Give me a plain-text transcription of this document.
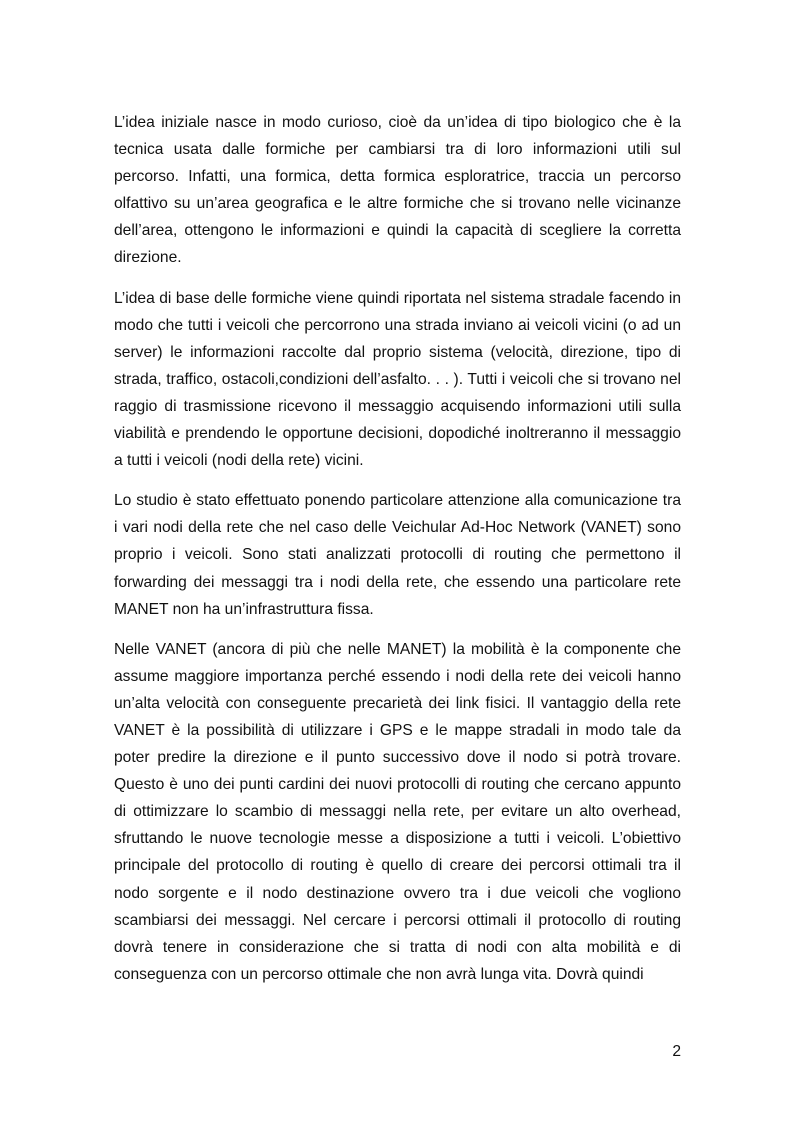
L’idea iniziale nasce in modo curioso, cioè da un’idea di tipo biologico che è la tecnica usata dalle formiche per cambiarsi tra di loro informazioni utili sul percorso. Infatti, una formica, detta formica esploratrice, traccia un percorso olfattivo su un’area geografica e le altre formiche che si trovano nelle vicinanze dell’area, ottengono le informazioni e quindi la capacità di scegliere la corretta direzione.

L’idea di base delle formiche viene quindi riportata nel sistema stradale facendo in modo che tutti i veicoli che percorrono una strada inviano ai veicoli vicini (o ad un server) le informazioni raccolte dal proprio sistema (velocità, direzione, tipo di strada, traffico, ostacoli,condizioni dell’asfalto. . . ). Tutti i veicoli che si trovano nel raggio di trasmissione ricevono il messaggio acquisendo informazioni utili sulla viabilità e prendendo le opportune decisioni, dopodiché inoltreranno il messaggio a tutti i veicoli (nodi della rete) vicini.

Lo studio è stato effettuato ponendo particolare attenzione alla comunicazione tra i vari nodi della rete che nel caso delle Veichular Ad-Hoc Network (VANET) sono proprio i veicoli. Sono stati analizzati protocolli di routing che permettono il forwarding dei messaggi tra i nodi della rete, che essendo una particolare rete MANET non ha un’infrastruttura fissa.

Nelle VANET (ancora di più che nelle MANET) la mobilità è la componente che assume maggiore importanza perché essendo i nodi della rete dei veicoli hanno un’alta velocità con conseguente precarietà dei link fisici. Il vantaggio della rete VANET è la possibilità di utilizzare i GPS e le mappe stradali in modo tale da poter predire la direzione e il punto successivo dove il nodo si potrà trovare. Questo è uno dei punti cardini dei nuovi protocolli di routing che cercano appunto di ottimizzare lo scambio di messaggi nella rete, per evitare un alto overhead, sfruttando le nuove tecnologie messe a disposizione a tutti i veicoli. L’obiettivo principale del protocollo di routing è quello di creare dei percorsi ottimali tra il nodo sorgente e il nodo destinazione ovvero tra i due veicoli che vogliono scambiarsi dei messaggi. Nel cercare i percorsi ottimali il protocollo di routing dovrà tenere in considerazione che si tratta di nodi con alta mobilità e di conseguenza con un percorso ottimale che non avrà lunga vita. Dovrà quindi

2
